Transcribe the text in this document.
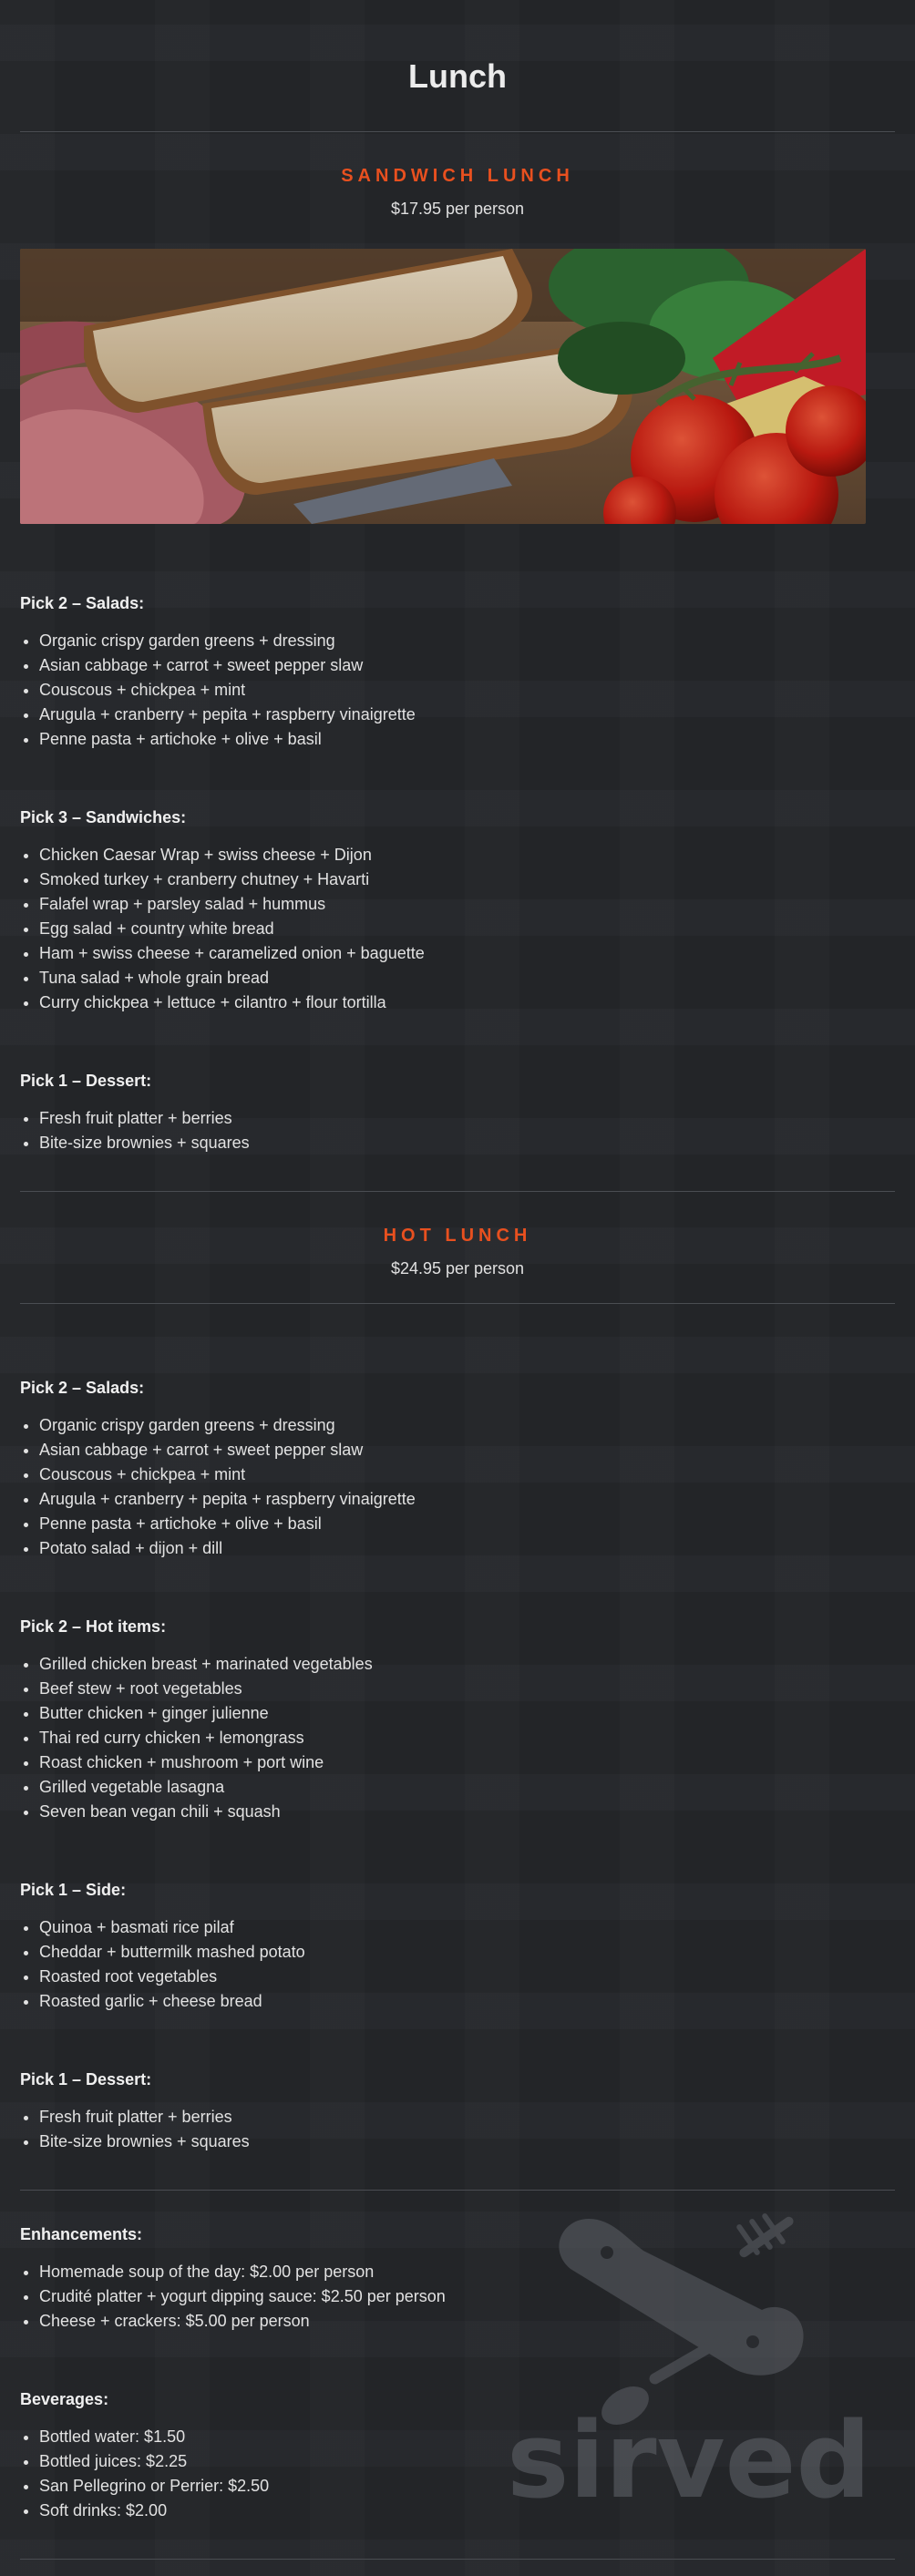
Lunch
SANDWICH LUNCH
$17.95 per person
Pick 2 – Salads:
• Organic crispy garden greens + dressing
• Asian cabbage + carrot + sweet pepper slaw
• Couscous + chickpea + mint
• Arugula + cranberry + pepita + raspberry vinaigrette
• Penne pasta + artichoke + olive + basil
Pick 3 – Sandwiches:
• Chicken Caesar Wrap + swiss cheese + Dijon
• Smoked turkey + cranberry chutney + Havarti
• Falafel wrap + parsley salad + hummus
• Egg salad + country white bread
• Ham + swiss cheese + caramelized onion + baguette
• Tuna salad + whole grain bread
• Curry chickpea + lettuce + cilantro + flour tortilla
Pick 1 – Dessert:
• Fresh fruit platter + berries
• Bite-size brownies + squares
HOT LUNCH
$24.95 per person
Pick 2 – Salads:
• Organic crispy garden greens + dressing
• Asian cabbage + carrot + sweet pepper slaw
• Couscous + chickpea + mint
• Arugula + cranberry + pepita + raspberry vinaigrette
• Penne pasta + artichoke + olive + basil
• Potato salad + dijon + dill
Pick 2 – Hot items:
• Grilled chicken breast + marinated vegetables
• Beef stew + root vegetables
• Butter chicken + ginger julienne
• Thai red curry chicken + lemongrass
• Roast chicken + mushroom + port wine
• Grilled vegetable lasagna
• Seven bean vegan chili + squash
Pick 1 – Side:
• Quinoa + basmati rice pilaf
• Cheddar + buttermilk mashed potato
• Roasted root vegetables
• Roasted garlic + cheese bread
Pick 1 – Dessert:
• Fresh fruit platter + berries
• Bite-size brownies + squares
Enhancements:
• Homemade soup of the day: $2.00 per person
• Crudité platter + yogurt dipping sauce: $2.50 per person
• Cheese + crackers: $5.00 per person
Beverages:
• Bottled water: $1.50
• Bottled juices: $2.25
• San Pellegrino or Perrier: $2.50
• Soft drinks: $2.00	sirved
